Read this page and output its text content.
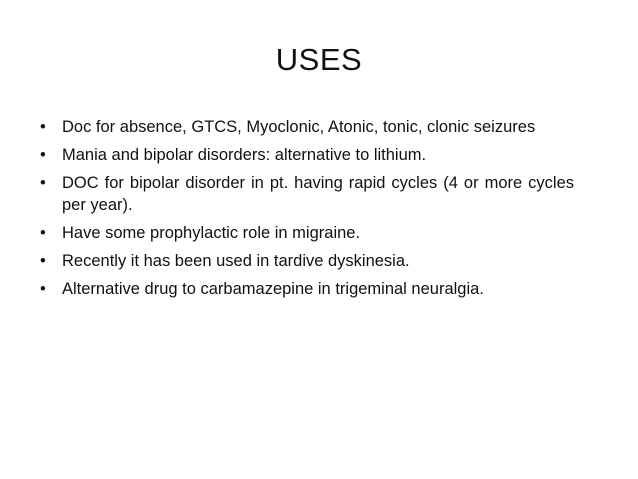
USES
• Doc for absence, GTCS, Myoclonic, Atonic, tonic, clonic seizures
• Mania and bipolar disorders: alternative to lithium.
• DOC for bipolar disorder in pt. having rapid cycles (4 or more cycles per year).
• Have some prophylactic role in migraine.
• Recently it has been used in tardive dyskinesia.
• Alternative drug to carbamazepine in trigeminal neuralgia.
